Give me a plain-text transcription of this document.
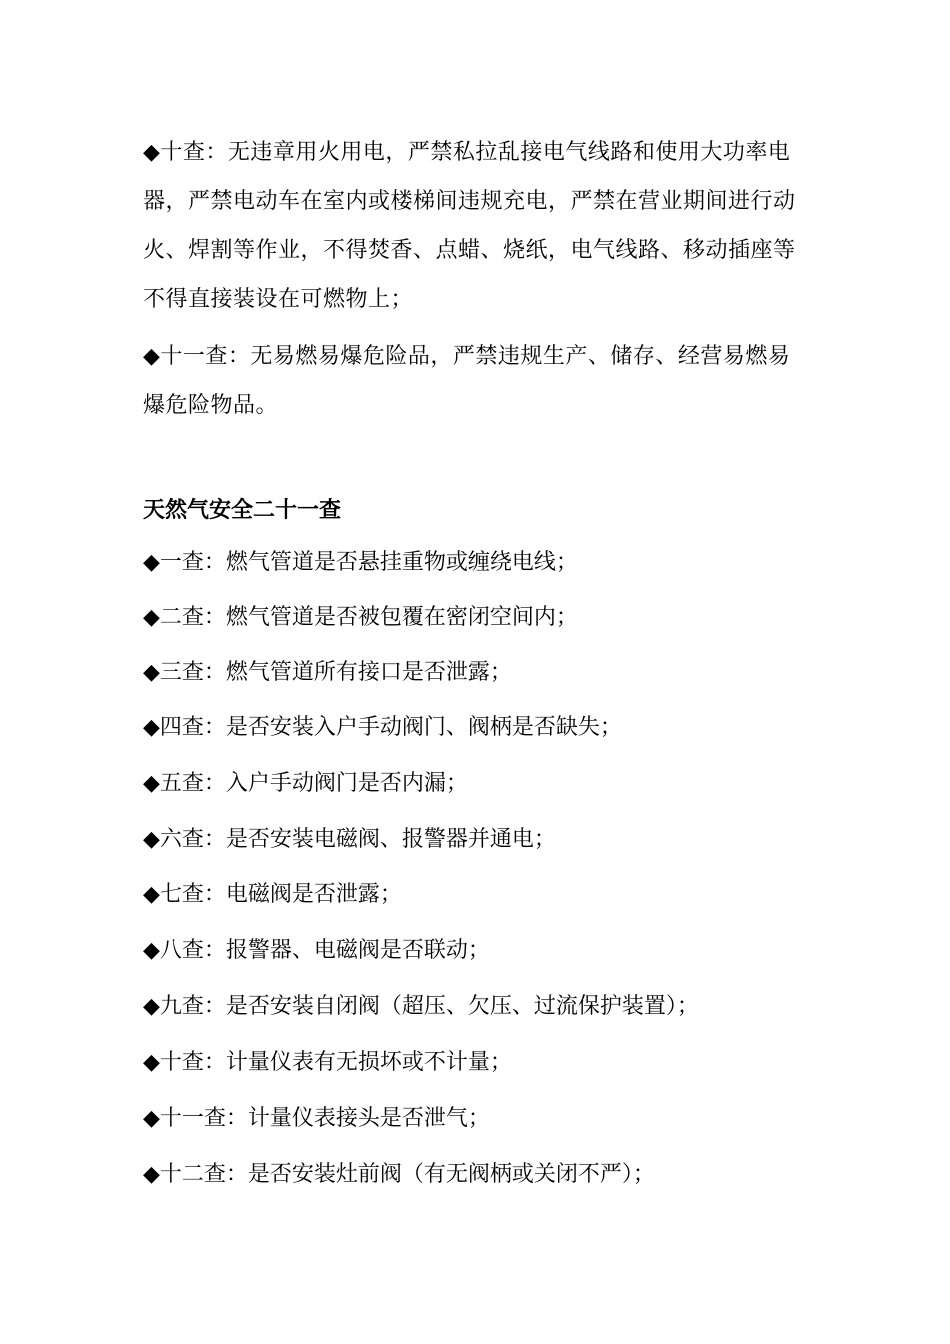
◆十查：无违章用火用电，严禁私拉乱接电气线路和使用大功率电器，严禁电动车在室内或楼梯间违规充电，严禁在营业期间进行动火、焊割等作业，不得焚香、点蜡、烧纸，电气线路、移动插座等不得直接装设在可燃物上；

◆十一查：无易燃易爆危险品，严禁违规生产、储存、经营易燃易爆危险物品。

天然气安全二十一查

◆一查：燃气管道是否悬挂重物或缠绕电线；

◆二查：燃气管道是否被包覆在密闭空间内；

◆三查：燃气管道所有接口是否泄露；

◆四查：是否安装入户手动阀门、阀柄是否缺失；

◆五查：入户手动阀门是否内漏；

◆六查：是否安装电磁阀、报警器并通电；

◆七查：电磁阀是否泄露；

◆八查：报警器、电磁阀是否联动；

◆九查：是否安装自闭阀（超压、欠压、过流保护装置）；

◆十查：计量仪表有无损坏或不计量；

◆十一查：计量仪表接头是否泄气；

◆十二查：是否安装灶前阀（有无阀柄或关闭不严）；
